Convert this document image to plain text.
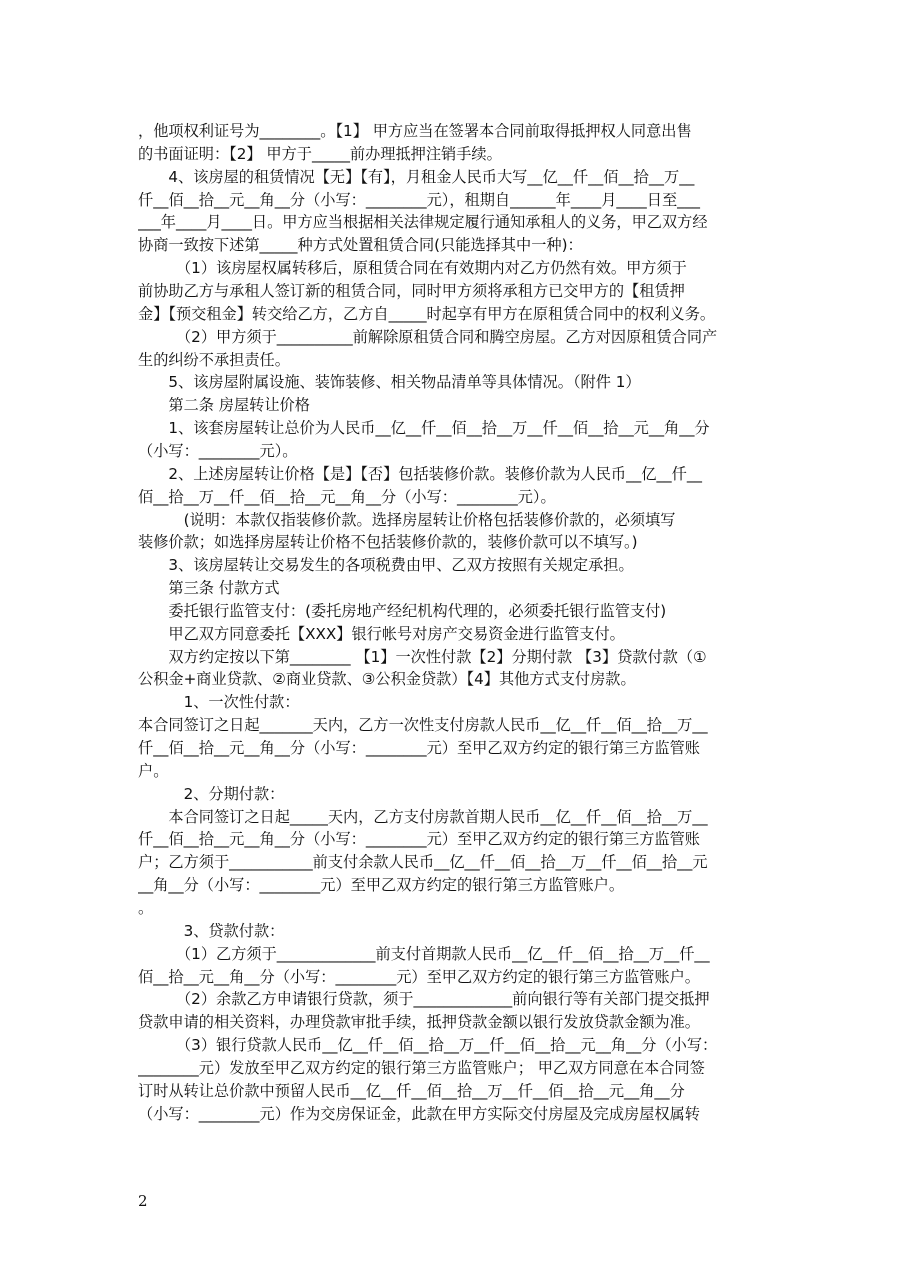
，他项权利证号为________。【1】 甲方应当在签署本合同前取得抵押权人同意出售
的书面证明：【2】 甲方于_____前办理抵押注销手续。
　　4、该房屋的租赁情况【无】【有】，月租金人民币大写__亿__仟__佰__拾__万__
仟__佰__拾__元__角__分（小写：________元），租期自______年____月____日至___
___年____月____日。甲方应当根据相关法律规定履行通知承租人的义务，甲乙双方经
协商一致按下述第_____种方式处置租赁合同(只能选择其中一种)：
　　　（1）该房屋权属转移后，原租赁合同在有效期内对乙方仍然有效。甲方须于
前协助乙方与承租人签订新的租赁合同，同时甲方须将承租方已交甲方的【租赁押
金】【预交租金】转交给乙方，乙方自_____时起享有甲方在原租赁合同中的权利义务。
　　　（2）甲方须于__________前解除原租赁合同和腾空房屋。乙方对因原租赁合同产
生的纠纷不承担责任。
　　5、该房屋附属设施、装饰装修、相关物品清单等具体情况。（附件 1）
　　第二条 房屋转让价格
　　1、该套房屋转让总价为人民币__亿__仟__佰__拾__万__仟__佰__拾__元__角__分
（小写：________元）。
　　2、上述房屋转让价格【是】【否】包括装修价款。装修价款为人民币__亿__仟__
佰__拾__万__仟__佰__拾__元__角__分（小写：________元）。
　　　(说明：本款仅指装修价款。选择房屋转让价格包括装修价款的，必须填写
装修价款；如选择房屋转让价格不包括装修价款的，装修价款可以不填写。)
　　3、该房屋转让交易发生的各项税费由甲、乙双方按照有关规定承担。
　　第三条 付款方式
　　委托银行监管支付：(委托房地产经纪机构代理的，必须委托银行监管支付)
　　甲乙双方同意委托【XXX】银行帐号对房产交易资金进行监管支付。
　　双方约定按以下第________ 【1】一次性付款【2】分期付款 【3】贷款付款（①
公积金+商业贷款、②商业贷款、③公积金贷款）【4】其他方式支付房款。
　　　1、一次性付款：
本合同签订之日起_______天内，乙方一次性支付房款人民币__亿__仟__佰__拾__万__
仟__佰__拾__元__角__分（小写：________元）至甲乙双方约定的银行第三方监管账
户。
　　　2、分期付款：
　　本合同签订之日起_____天内，乙方支付房款首期人民币__亿__仟__佰__拾__万__
仟__佰__拾__元__角__分（小写：________元）至甲乙双方约定的银行第三方监管账
户；乙方须于___________前支付余款人民币__亿__仟__佰__拾__万__仟__佰__拾__元
__角__分（小写：________元）至甲乙双方约定的银行第三方监管账户。
。
　　　3、贷款付款：
　　　（1）乙方须于_____________前支付首期款人民币__亿__仟__佰__拾__万__仟__
佰__拾__元__角__分（小写：________元）至甲乙双方约定的银行第三方监管账户。
　　　（2）余款乙方申请银行贷款，须于_____________前向银行等有关部门提交抵押
贷款申请的相关资料，办理贷款审批手续，抵押贷款金额以银行发放贷款金额为准。
　　　（3）银行贷款人民币__亿__仟__佰__拾__万__仟__佰__拾__元__角__分（小写：
________元）发放至甲乙双方约定的银行第三方监管账户； 甲乙双方同意在本合同签
订时从转让总价款中预留人民币__亿__仟__佰__拾__万__仟__佰__拾__元__角__分
（小写：________元）作为交房保证金，此款在甲方实际交付房屋及完成房屋权属转
2
